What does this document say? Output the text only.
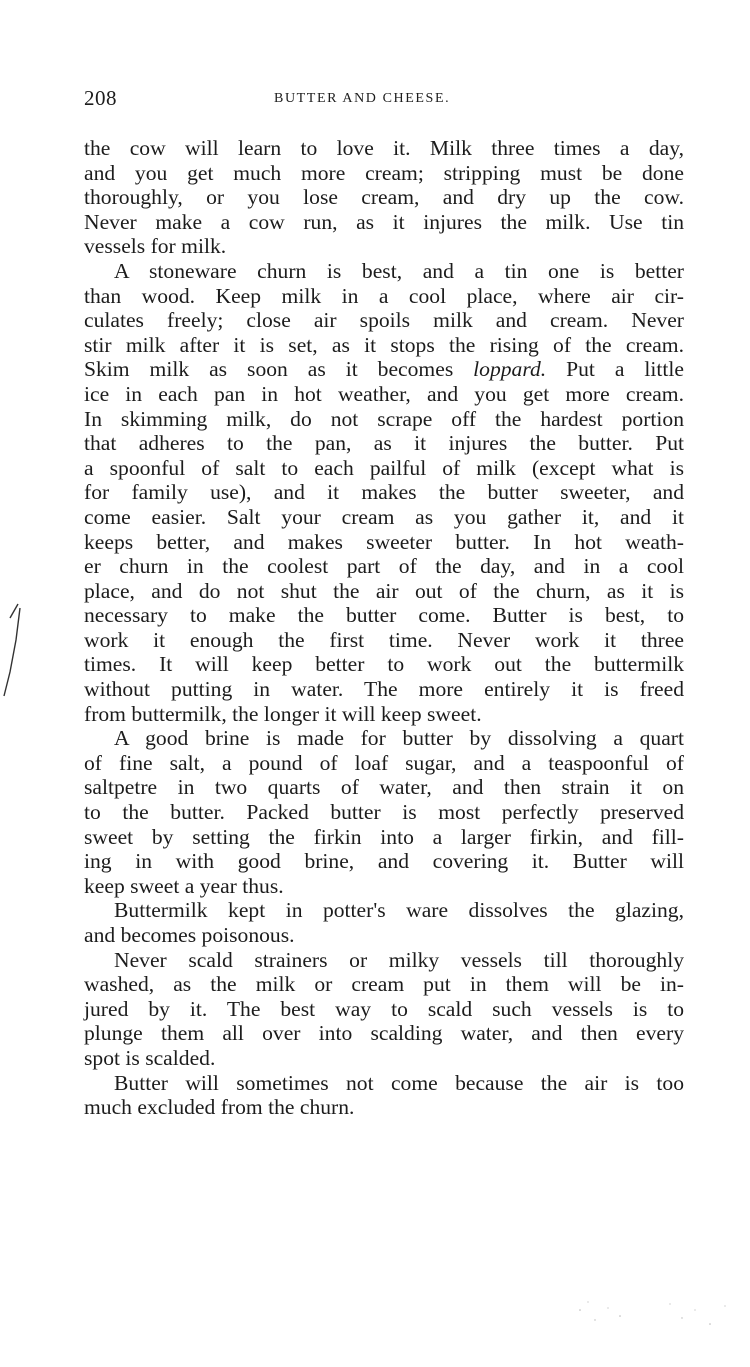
208	BUTTER AND CHEESE.
the cow will learn to love it. Milk three times a day,
and you get much more cream; stripping must be done
thoroughly, or you lose cream, and dry up the cow.
Never make a cow run, as it injures the milk. Use tin
vessels for milk.
A stoneware churn is best, and a tin one is better
than wood. Keep milk in a cool place, where air cir-
culates freely; close air spoils milk and cream. Never
stir milk after it is set, as it stops the rising of the cream.
Skim milk as soon as it becomes loppard. Put a little
ice in each pan in hot weather, and you get more cream.
In skimming milk, do not scrape off the hardest portion
that adheres to the pan, as it injures the butter. Put
a spoonful of salt to each pailful of milk (except what is
for family use), and it makes the butter sweeter, and
come easier. Salt your cream as you gather it, and it
keeps better, and makes sweeter butter. In hot weath-
er churn in the coolest part of the day, and in a cool
place, and do not shut the air out of the churn, as it is
necessary to make the butter come. Butter is best, to
work it enough the first time. Never work it three
times. It will keep better to work out the buttermilk
without putting in water. The more entirely it is freed
from buttermilk, the longer it will keep sweet.
A good brine is made for butter by dissolving a quart
of fine salt, a pound of loaf sugar, and a teaspoonful of
saltpetre in two quarts of water, and then strain it on
to the butter. Packed butter is most perfectly preserved
sweet by setting the firkin into a larger firkin, and fill-
ing in with good brine, and covering it. Butter will
keep sweet a year thus.
Buttermilk kept in potter's ware dissolves the glazing,
and becomes poisonous.
Never scald strainers or milky vessels till thoroughly
washed, as the milk or cream put in them will be in-
jured by it. The best way to scald such vessels is to
plunge them all over into scalding water, and then every
spot is scalded.
Butter will sometimes not come because the air is too
much excluded from the churn.
